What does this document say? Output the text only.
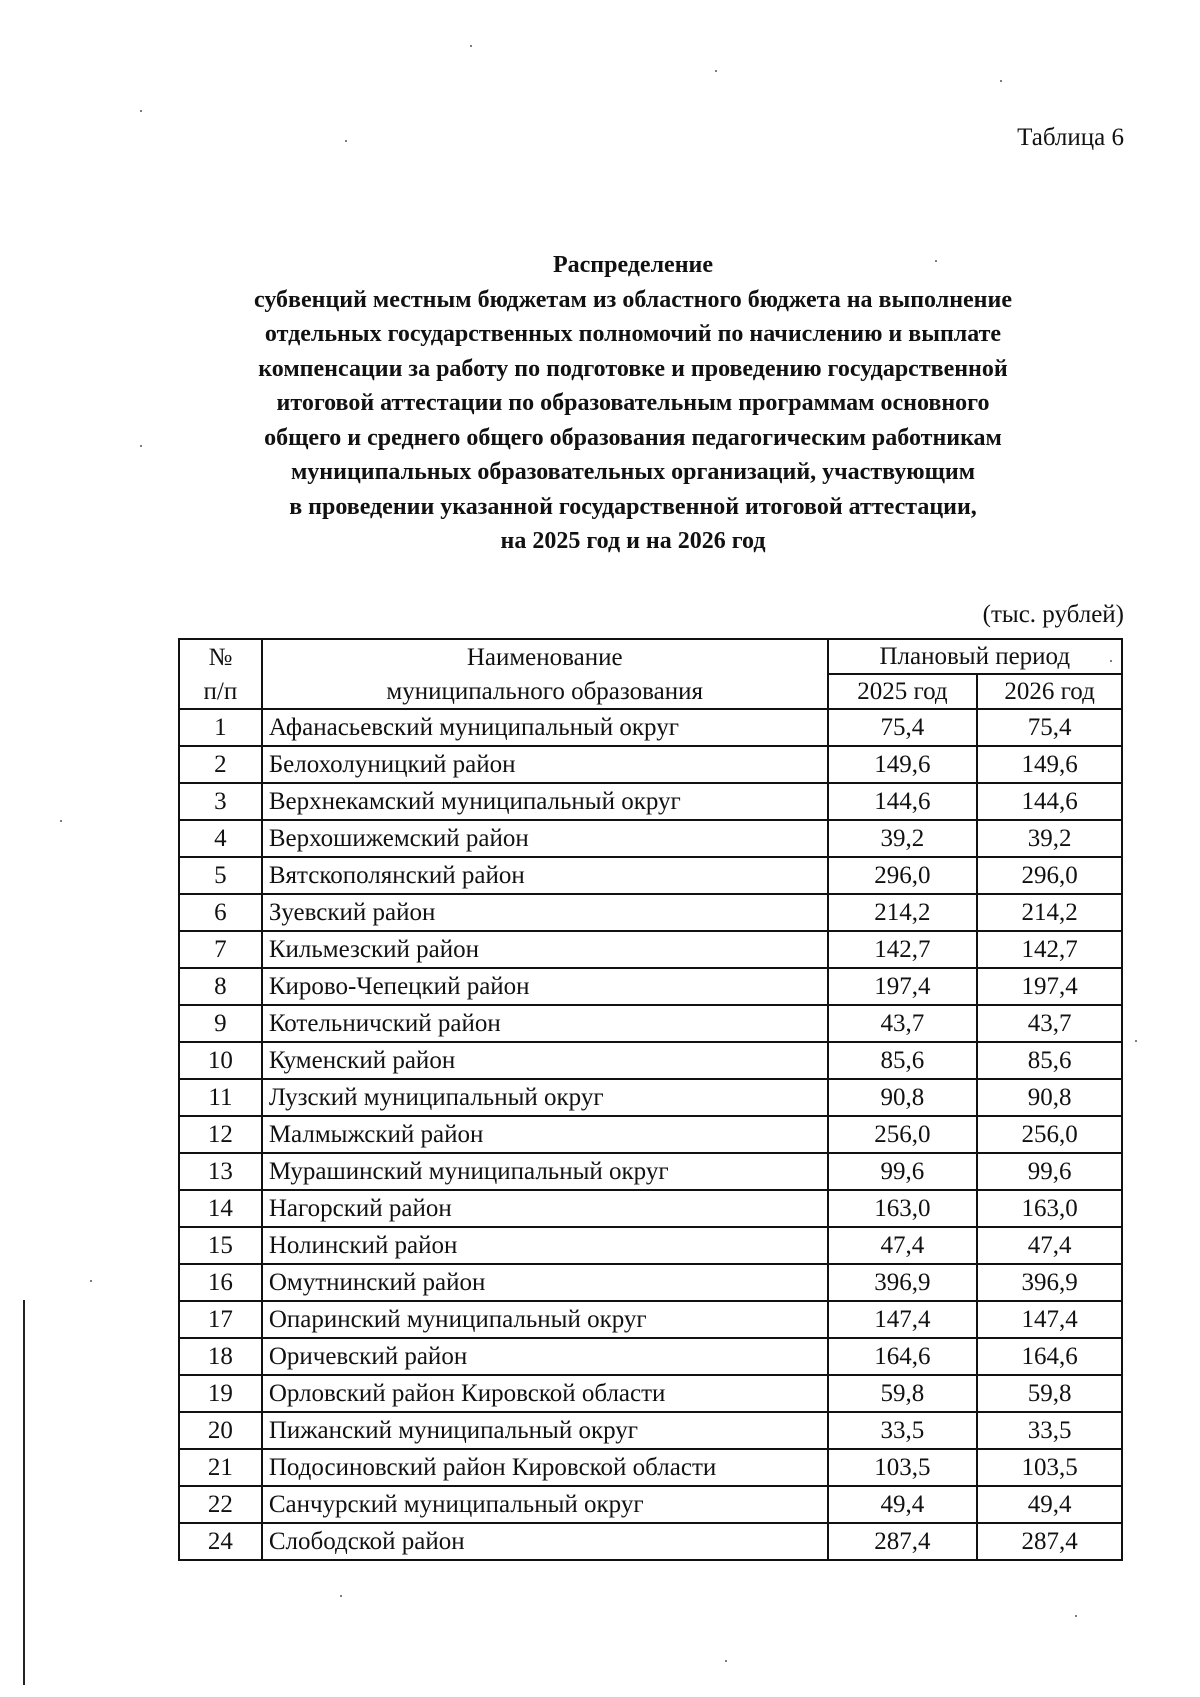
Таблица 6

Распределение

субвенций местным бюджетам из областного бюджета на выполнение

отдельных государственных полномочий по начислению и выплате

компенсации за работу по подготовке и проведению государственной

итоговой аттестации по образовательным программам основного

общего и среднего общего образования педагогическим работникам

муниципальных образовательных организаций, участвующим

в проведении указанной государственной итоговой аттестации,

на 2025 год и на 2026 год

(тыс. рублей)
№	Наименование	Плановый период	
п/п	муниципального образования	2025 год	2026 год
1	Афанасьевский муниципальный округ	75,4	75,4
2	Белохолуницкий район	149,6	149,6
3	Верхнекамский муниципальный округ	144,6	144,6
4	Верхошижемский район	39,2	39,2
5	Вятскополянский район	296,0	296,0
6	Зуевский район	214,2	214,2
7	Кильмезский район	142,7	142,7
8	Кирово-Чепецкий район	197,4	197,4
9	Котельничский район	43,7	43,7
10	Куменский район	85,6	85,6
11	Лузский муниципальный округ	90,8	90,8
12	Малмыжский район	256,0	256,0
13	Мурашинский муниципальный округ	99,6	99,6
14	Нагорский район	163,0	163,0
15	Нолинский район	47,4	47,4
16	Омутнинский район	396,9	396,9
17	Опаринский муниципальный округ	147,4	147,4
18	Оричевский район	164,6	164,6
19	Орловский район Кировской области	59,8	59,8
20	Пижанский муниципальный округ	33,5	33,5
21	Подосиновский район Кировской области	103,5	103,5
22	Санчурский муниципальный округ	49,4	49,4
24	Слободской район	287,4	287,4
